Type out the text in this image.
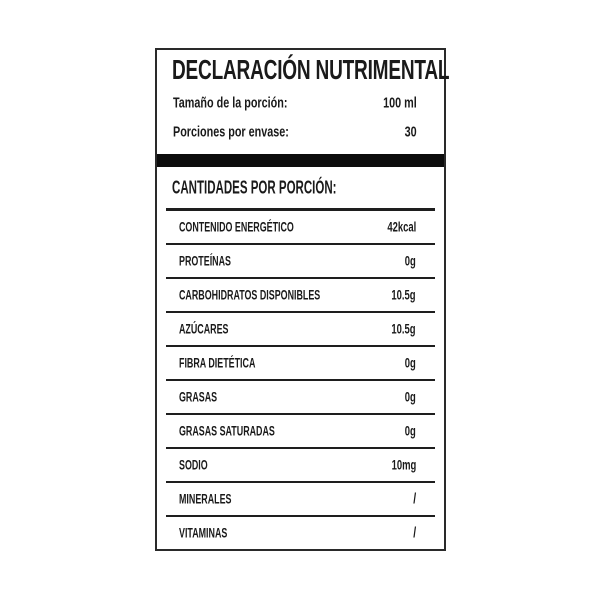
DECLARACIÓN NUTRIMENTAL
Tamaño de la porción:	100 ml
Porciones por envase:	30
CANTIDADES POR PORCIÓN:
CONTENIDO ENERGÉTICO	42kcal
PROTEÍNAS	0g
CARBOHIDRATOS DISPONIBLES	10.5g
AZÚCARES	10.5g
FIBRA DIETÉTICA	0g
GRASAS	0g
GRASAS SATURADAS	0g
SODIO	10mg
MINERALES	/
VITAMINAS	/
